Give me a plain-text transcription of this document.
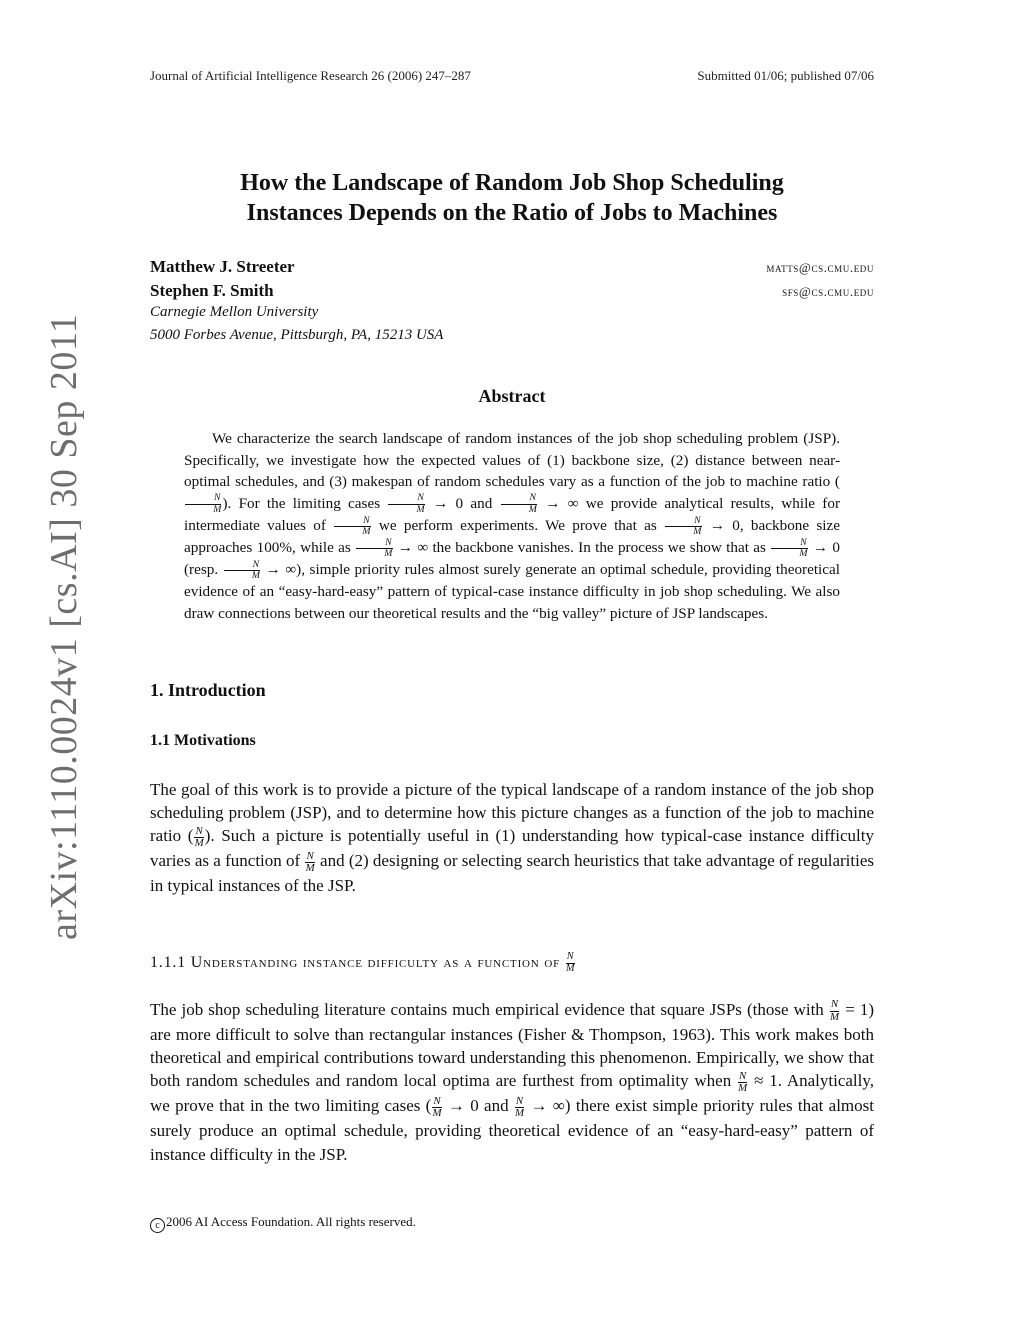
arXiv:1110.0024v1 [cs.AI] 30 Sep 2011
Journal of Artificial Intelligence Research 26 (2006) 247–287	Submitted 01/06; published 07/06
How the Landscape of Random Job Shop Scheduling
Instances Depends on the Ratio of Jobs to Machines
Matthew J. Streeter	matts@cs.cmu.edu
Stephen F. Smith	sfs@cs.cmu.edu
Carnegie Mellon University
5000 Forbes Avenue, Pittsburgh, PA, 15213 USA
Abstract

We characterize the search landscape of random instances of the job shop scheduling problem (JSP). Specifically, we investigate how the expected values of (1) backbone size, (2) distance between near-optimal schedules, and (3) makespan of random schedules vary as a function of the job to machine ratio (
$\frac{N}{M}$ ). For the limiting cases $\frac{N}{M} \to 0$ and $\frac{N}{M}$ → ∞ we provide analytical results, while for intermediate values of $\frac{N}{M}$ we perform experiments. We prove that as $\frac{N}{M} \to 0$, backbone size approaches 100%, while as $\frac{N}{M}$ → ∞ the backbone vanishes. In the process we show that as $\frac{N}{M} \to 0$ (resp. $\frac{N}{M}$ → ∞), simple priority rules almost surely generate an optimal schedule, providing theoretical evidence of an “easy-hard-easy” pattern of typical-case instance difficulty in job shop scheduling. We also draw connections between our theoretical results and the “big valley” picture of JSP landscapes.

1. Introduction
1.1 Motivations

The goal of this work is to provide a picture of the typical landscape of a random instance of the job shop scheduling problem (JSP), and to determine how this picture changes as a function of the job to machine ratio ( $\frac{N}{M}$ ). Such a picture is potentially useful in (1) understanding how typical-case instance difficulty varies as a function of $\frac{N}{M}$ and (2) designing or selecting search heuristics that take advantage of regularities in typical instances of the JSP.

1.1.1 Understanding instance difficulty as a function of $\frac{N}{M}$

The job shop scheduling literature contains much empirical evidence that square JSPs (those with $\frac{N}{M} = 1$) are more difficult to solve than rectangular instances (Fisher & Thompson, 1963). This work makes both theoretical and empirical contributions toward understanding this phenomenon. Empirically, we show that both random schedules and random local optima are furthest from optimality when $\frac{N}{M} \approx 1$. Analytically, we prove that in the two limiting cases ( $\frac{N}{M} \to 0$ and $\frac{N}{M}$ → ∞) there exist simple priority rules that almost surely produce an optimal schedule, providing theoretical evidence of an “easy-hard-easy” pattern of instance difficulty in the JSP.

c 2006 AI Access Foundation. All rights reserved.
